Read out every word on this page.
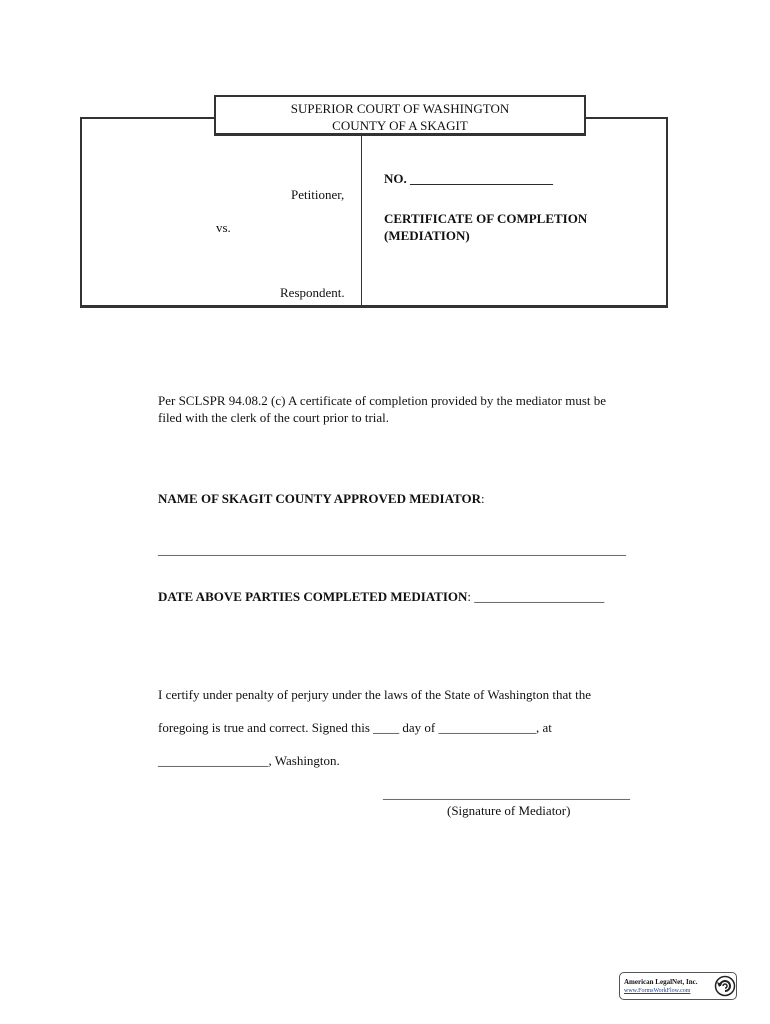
SUPERIOR COURT OF WASHINGTON
COUNTY OF A SKAGIT
Petitioner,
vs.
Respondent.
NO. ______________________
CERTIFICATE OF COMPLETION
(MEDIATION)
Per SCLSPR 94.08.2 (c) A certificate of completion provided by the mediator must be
filed with the clerk of the court prior to trial.
NAME OF SKAGIT COUNTY APPROVED MEDIATOR:
________________________________________________________________________
DATE ABOVE PARTIES COMPLETED MEDIATION: ____________________
I certify under penalty of perjury under the laws of the State of Washington that the
foregoing is true and correct. Signed this ____ day of _______________, at
_________________, Washington.
______________________________________
(Signature of Mediator)
American LegalNet, Inc.
www.FormsWorkFlow.com
